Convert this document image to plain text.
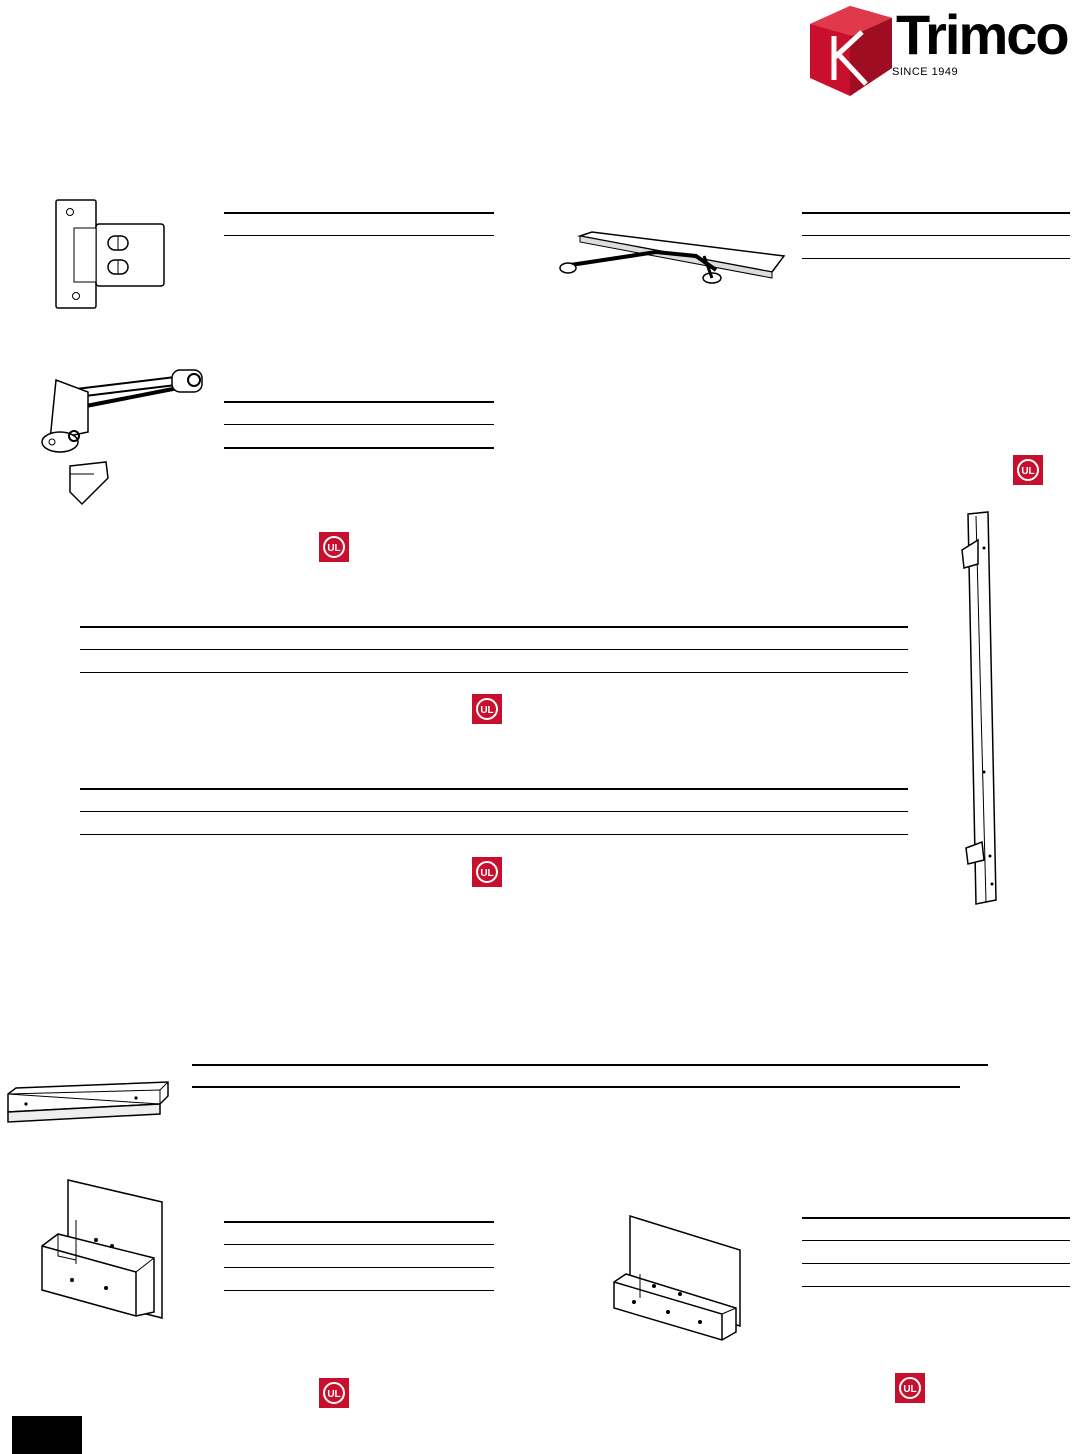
Trimco
SINCE 1949
UL
UL
UL
UL
UL	UL
